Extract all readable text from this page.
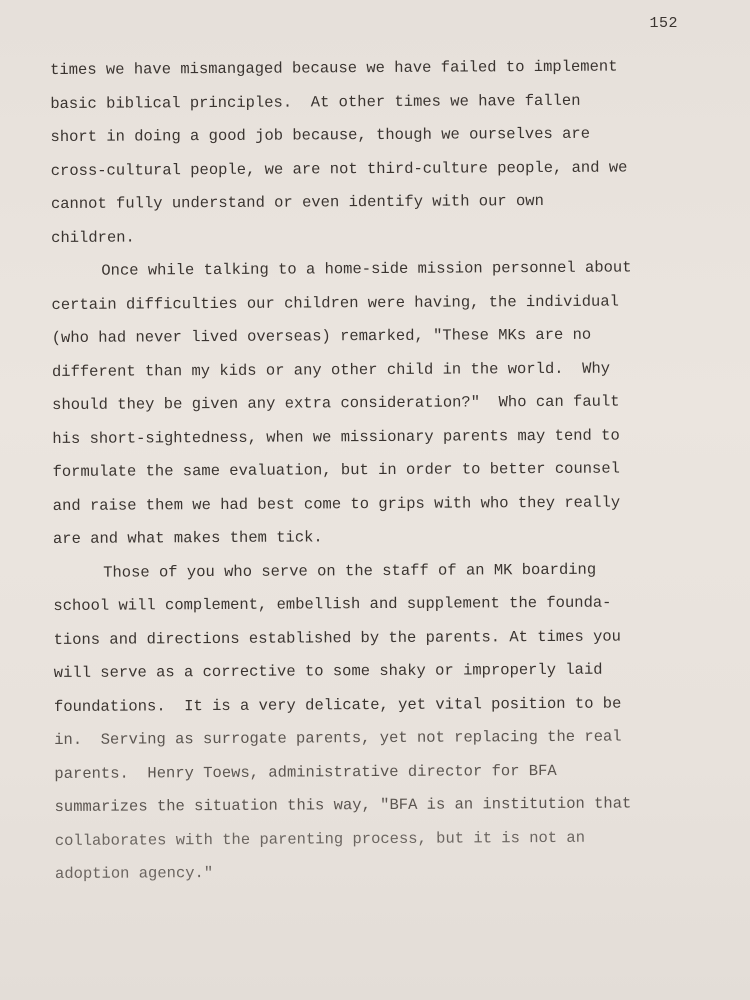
152

times we have mismangaged because we have failed to implement
basic biblical principles.  At other times we have fallen
short in doing a good job because, though we ourselves are
cross-cultural people, we are not third-culture people, and we
cannot fully understand or even identify with our own
children.

Once while talking to a home-side mission personnel about
certain difficulties our children were having, the individual
(who had never lived overseas) remarked, "These MKs are no
different than my kids or any other child in the world.  Why
should they be given any extra consideration?"  Who can fault
his short-sightedness, when we missionary parents may tend to
formulate the same evaluation, but in order to better counsel
and raise them we had best come to grips with who they really
are and what makes them tick.

Those of you who serve on the staff of an MK boarding
school will complement, embellish and supplement the founda-
tions and directions established by the parents. At times you
will serve as a corrective to some shaky or improperly laid
foundations.  It is a very delicate, yet vital position to be
in.  Serving as surrogate parents, yet not replacing the real
parents.  Henry Toews, administrative director for BFA
summarizes the situation this way, "BFA is an institution that
collaborates with the parenting process, but it is not an
adoption agency."
